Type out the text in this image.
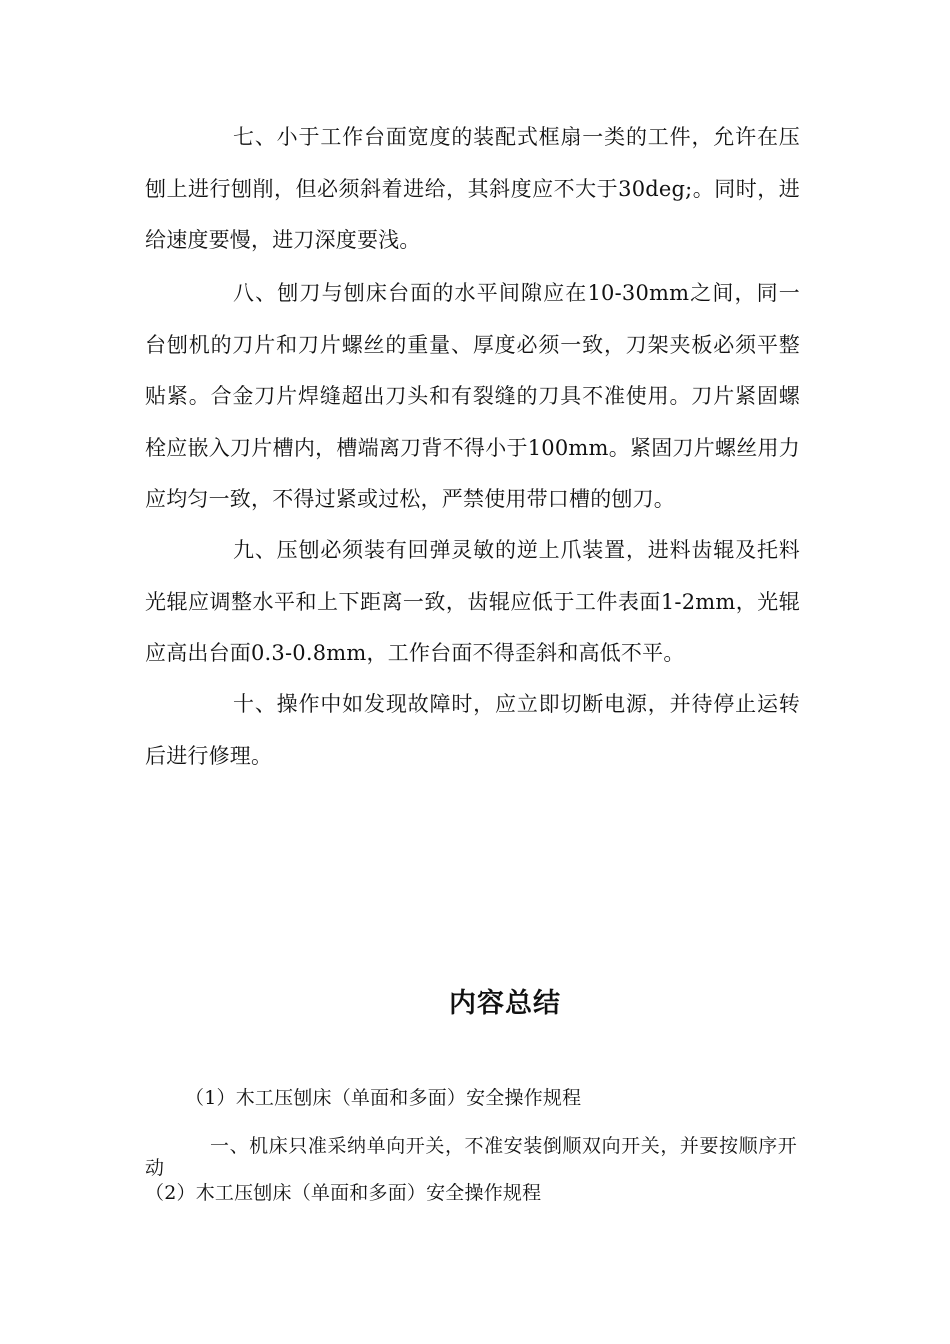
七、小于工作台面宽度的装配式框扇一类的工件，允许在压刨上进行刨削，但必须斜着进给，其斜度应不大于30deg;。同时，进给速度要慢，进刀深度要浅。

八、刨刀与刨床台面的水平间隙应在10-30mm之间，同一台刨机的刀片和刀片螺丝的重量、厚度必须一致，刀架夹板必须平整贴紧。合金刀片焊缝超出刀头和有裂缝的刀具不准使用。刀片紧固螺栓应嵌入刀片槽内，槽端离刀背不得小于100mm。紧固刀片螺丝用力应均匀一致，不得过紧或过松，严禁使用带口槽的刨刀。

九、压刨必须装有回弹灵敏的逆上爪装置，进料齿辊及托料光辊应调整水平和上下距离一致，齿辊应低于工件表面1-2mm，光辊应高出台面0.3-0.8mm，工作台面不得歪斜和高低不平。

十、操作中如发现故障时，应立即切断电源，并待停止运转后进行修理。

内容总结

（1）木工压刨床（单面和多面）安全操作规程

一、机床只准采纳单向开关，不准安装倒顺双向开关，并要按顺序开动

（2）木工压刨床（单面和多面）安全操作规程
